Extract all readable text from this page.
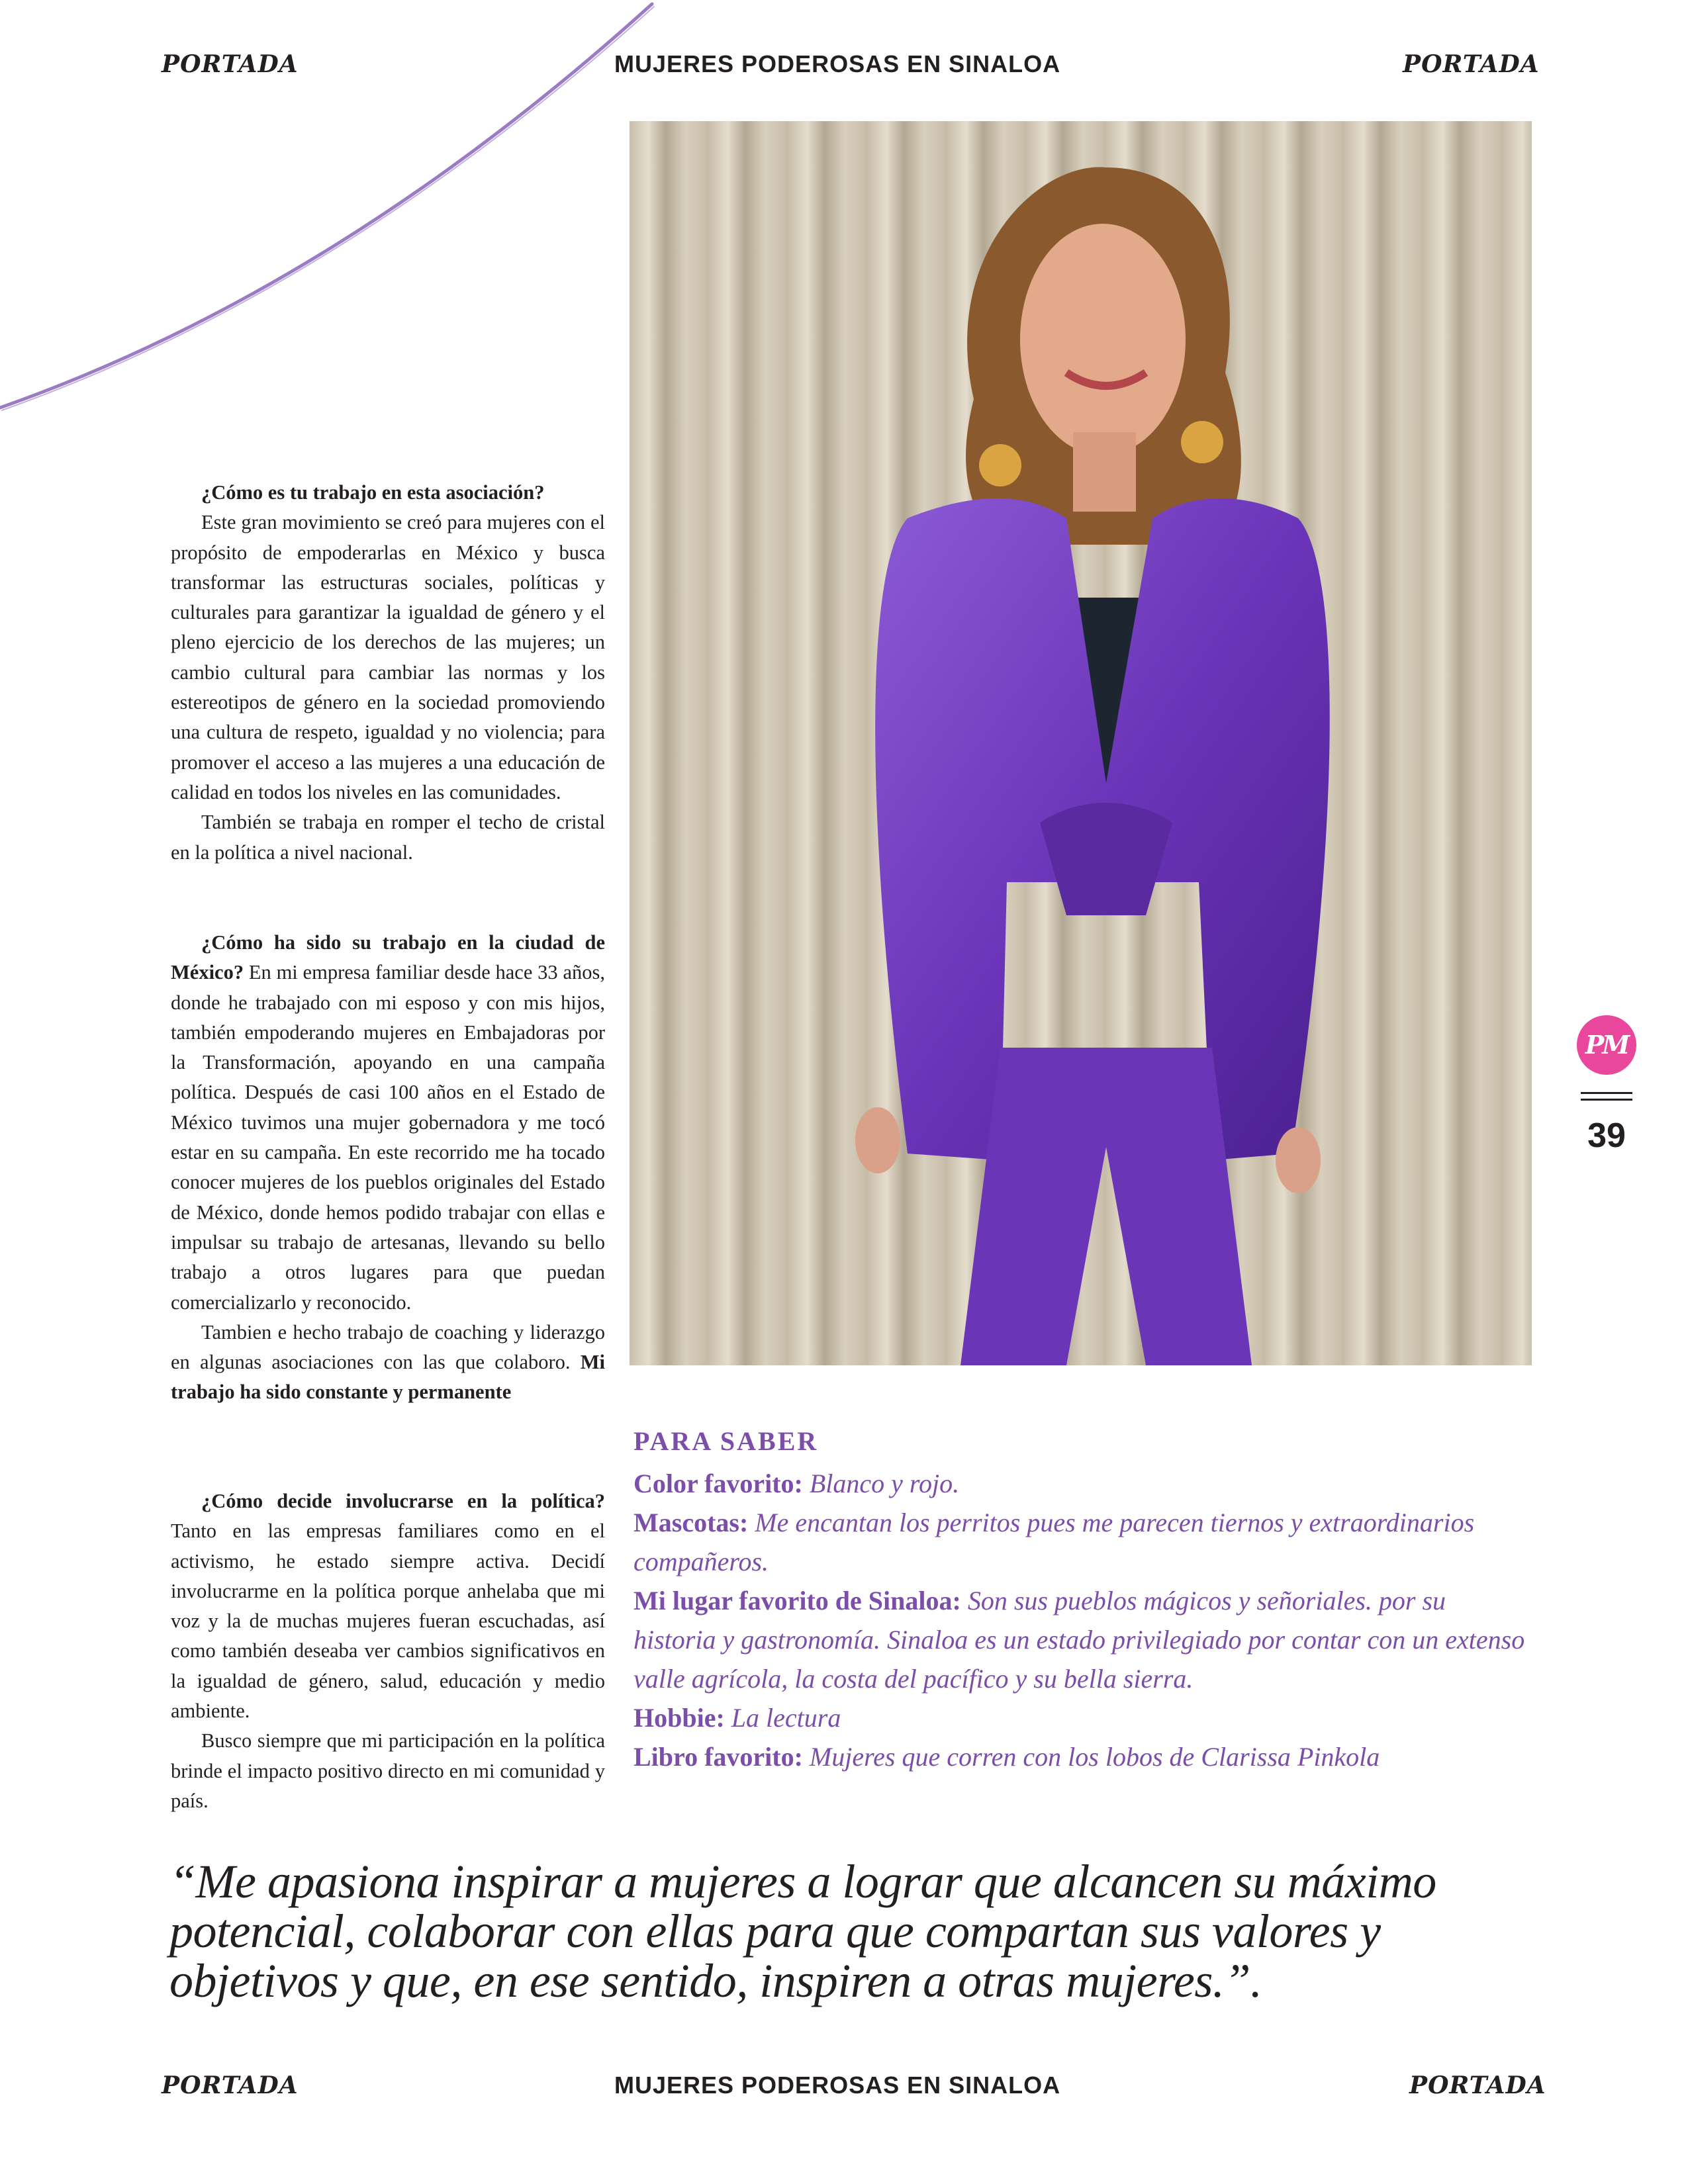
PORTADA	MUJERES PODEROSAS EN SINALOA	PORTADA

¿Cómo es tu trabajo en esta asociación?

Este gran movimiento se creó para mujeres con el propósito de empoderarlas en México y busca transformar las estructuras sociales, políticas y culturales para garantizar la igualdad de género y el pleno ejercicio de los derechos de las mujeres; un cambio cultural para cambiar las normas y los estereotipos de género en la sociedad promoviendo una cultura de respeto, igualdad y no violencia; para promover el acceso a las mujeres a una educación de calidad en todos los niveles en las comunidades.

También se trabaja en romper el techo de cristal en la política a nivel nacional.

¿Cómo ha sido su trabajo en la ciudad de México? En mi empresa familiar desde hace 33 años, donde he trabajado con mi esposo y con mis hijos, también empoderando mujeres en Embajadoras por la Transformación, apoyando en una campaña política. Después de casi 100 años en el Estado de México tuvimos una mujer gobernadora y me tocó estar en su campaña. En este recorrido me ha tocado conocer mujeres de los pueblos originales del Estado de México, donde hemos podido trabajar con ellas e impulsar su trabajo de artesanas, llevando su bello trabajo a otros lugares para que puedan comercializarlo y reconocido.

Tambien e hecho trabajo de coaching y liderazgo en algunas asociaciones con las que colaboro. Mi trabajo ha sido constante y permanente

¿Cómo decide involucrarse en la política? Tanto en las empresas familiares como en el activismo, he estado siempre activa. Decidí involucrarme en la política porque anhelaba que mi voz y la de muchas mujeres fueran escuchadas, así como también deseaba ver cambios significativos en la igualdad de género, salud, educación y medio ambiente.

Busco siempre que mi participación en la política brinde el impacto positivo directo en mi comunidad y país.

PM
39
PARA SABER
Color favorito: Blanco y rojo.
Mascotas: Me encantan los perritos pues me parecen tiernos y extraordinarios compañeros.
Mi lugar favorito de Sinaloa: Son sus pueblos mágicos y señoriales. por su historia y gastronomía. Sinaloa es un estado privilegiado por contar con un extenso valle agrícola, la costa del pacífico y su bella sierra.
Hobbie: La lectura
Libro favorito: Mujeres que corren con los lobos de Clarissa Pinkola
“Me apasiona inspirar a mujeres a lograr que alcancen su máximo potencial, colaborar con ellas para que compartan sus valores y objetivos y que, en ese sentido, inspiren a otras mujeres.”.
PORTADA	MUJERES PODEROSAS EN SINALOA	PORTADA
